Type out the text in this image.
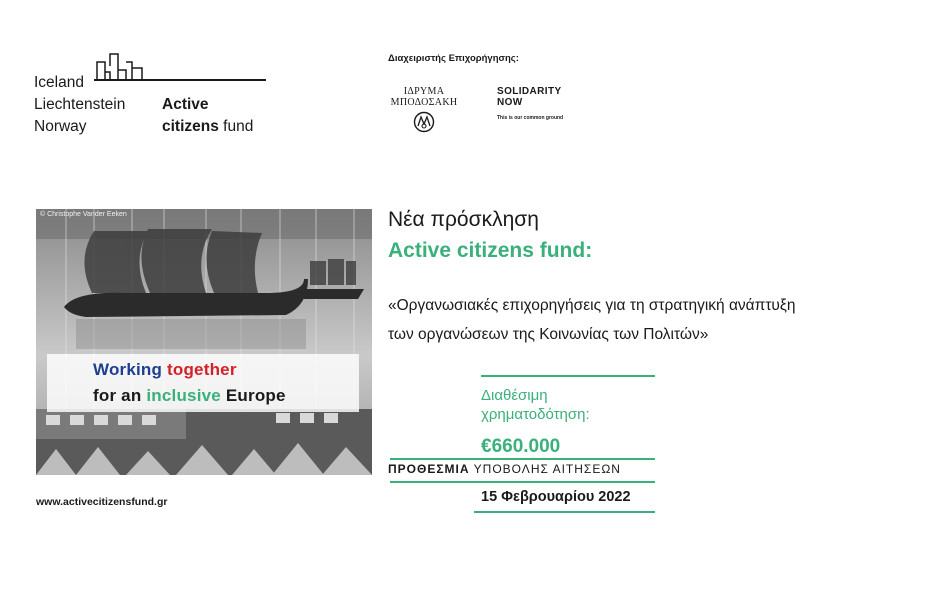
Iceland
Liechtenstein
Norway
Active
citizens fund
Διαχειριστής Επιχορήγησης:
ΙΔΡΥΜΑ
ΜΠΟΔΟΣΑΚΗ
SOLIDARITY
NOW
This is our common ground
© Christophe Vander Eeken
Working together
for an inclusive Europe
www.activecitizensfund.gr
Νέα πρόσκληση
Active citizens fund:
«Οργανωσιακές επιχορηγήσεις για τη στρατηγική ανάπτυξη
των οργανώσεων της Κοινωνίας των Πολιτών»
Διαθέσιμη
χρηματοδότηση:
€660.000
ΠΡΟΘΕΣΜΙΑ ΥΠΟΒΟΛΗΣ ΑΙΤΗΣΕΩΝ
15 Φεβρουαρίου 2022
